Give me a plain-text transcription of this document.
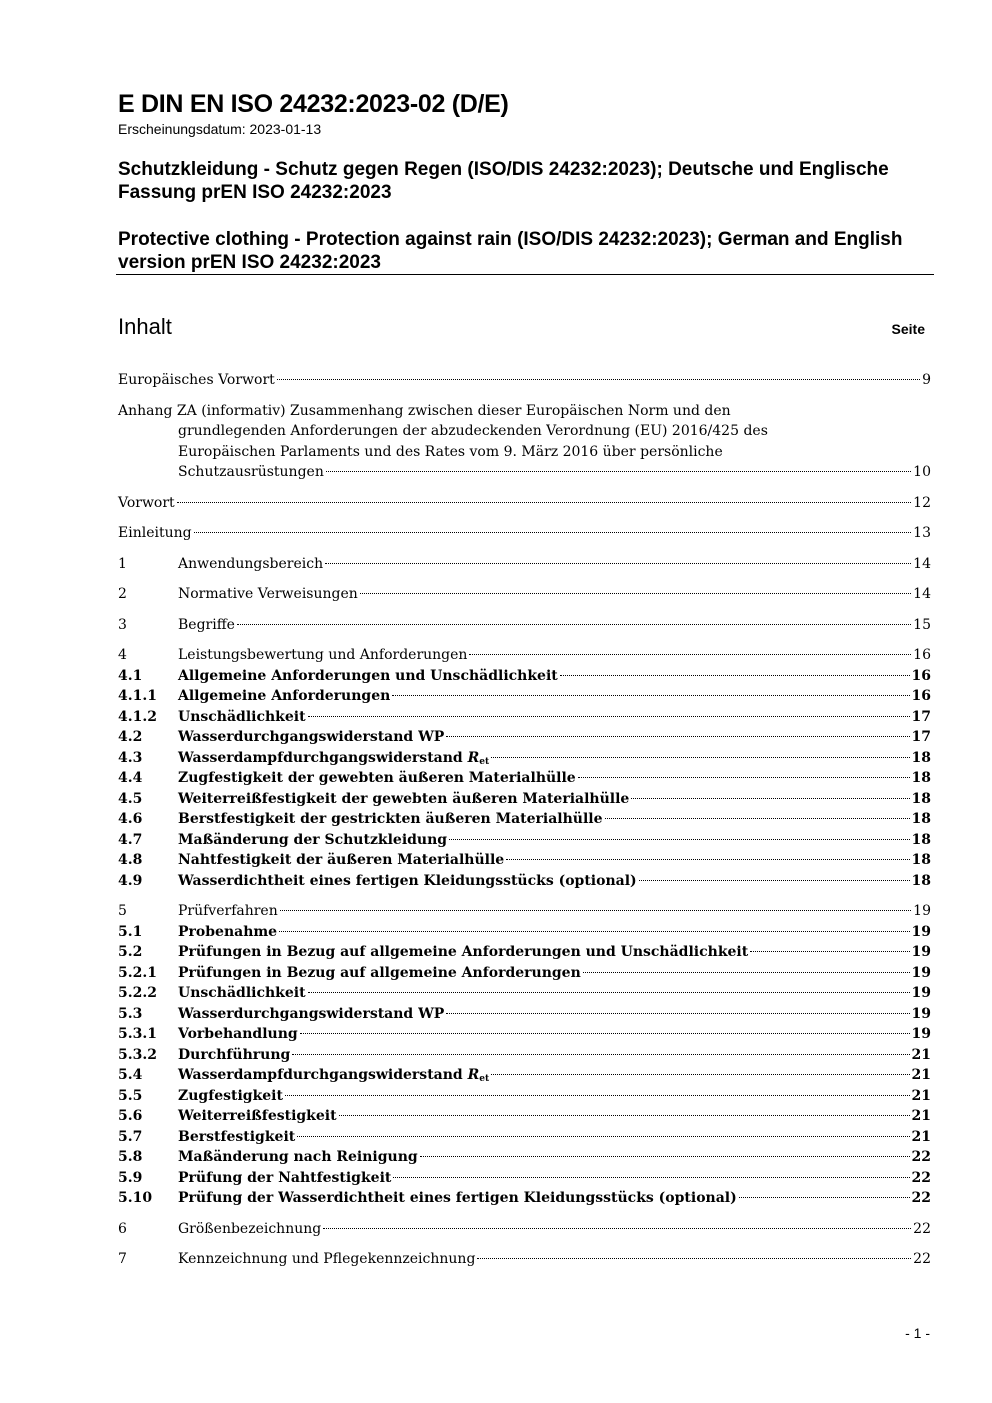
E DIN EN ISO 24232:2023-02 (D/E)
Erscheinungsdatum: 2023-01-13
Schutzkleidung - Schutz gegen Regen (ISO/DIS 24232:2023); Deutsche und Englische Fassung prEN ISO 24232:2023
Protective clothing - Protection against rain (ISO/DIS 24232:2023); German and English version prEN ISO 24232:2023
Inhalt	Seite
Europäisches Vorwort	9
Anhang ZA (informativ) Zusammenhang zwischen dieser Europäischen Norm und den
grundlegenden Anforderungen der abzudeckenden Verordnung (EU) 2016/425 des
Europäischen Parlaments und des Rates vom 9. März 2016 über persönliche
Schutzausrüstungen	10
Vorwort	12
Einleitung	13
1	Anwendungsbereich	14
2	Normative Verweisungen	14
3	Begriffe	15
4	Leistungsbewertung und Anforderungen	16
4.1	Allgemeine Anforderungen und Unschädlichkeit	16
4.1.1 Allgemeine Anforderungen	16
4.1.2 Unschädlichkeit	17
4.2	Wasserdurchgangswiderstand WP	17
4.3	Wasserdampfdurchgangswiderstand $R_{et}$	18
4.4	Zugfestigkeit der gewebten äußeren Materialhülle	18
4.5	Weiterreißfestigkeit der gewebten äußeren Materialhülle	18
4.6	Berstfestigkeit der gestrickten äußeren Materialhülle	18
4.7	Maßänderung der Schutzkleidung	18
4.8	Nahtfestigkeit der äußeren Materialhülle	18
4.9	Wasserdichtheit eines fertigen Kleidungsstücks (optional)	18
5	Prüfverfahren	19
5.1	Probenahme	19
5.2	Prüfungen in Bezug auf allgemeine Anforderungen und Unschädlichkeit	19
5.2.1 Prüfungen in Bezug auf allgemeine Anforderungen	19
5.2.2 Unschädlichkeit	19
5.3	Wasserdurchgangswiderstand WP	19
5.3.1 Vorbehandlung	19
5.3.2 Durchführung	21
5.4	Wasserdampfdurchgangswiderstand $R_{et}$	21
5.5	Zugfestigkeit	21
5.6	Weiterreißfestigkeit	21
5.7	Berstfestigkeit	21
5.8	Maßänderung nach Reinigung	22
5.9	Prüfung der Nahtfestigkeit	22
5.10 Prüfung der Wasserdichtheit eines fertigen Kleidungsstücks (optional)	22
6	Größenbezeichnung	22
7	Kennzeichnung und Pflegekennzeichnung	22
- 1 -
